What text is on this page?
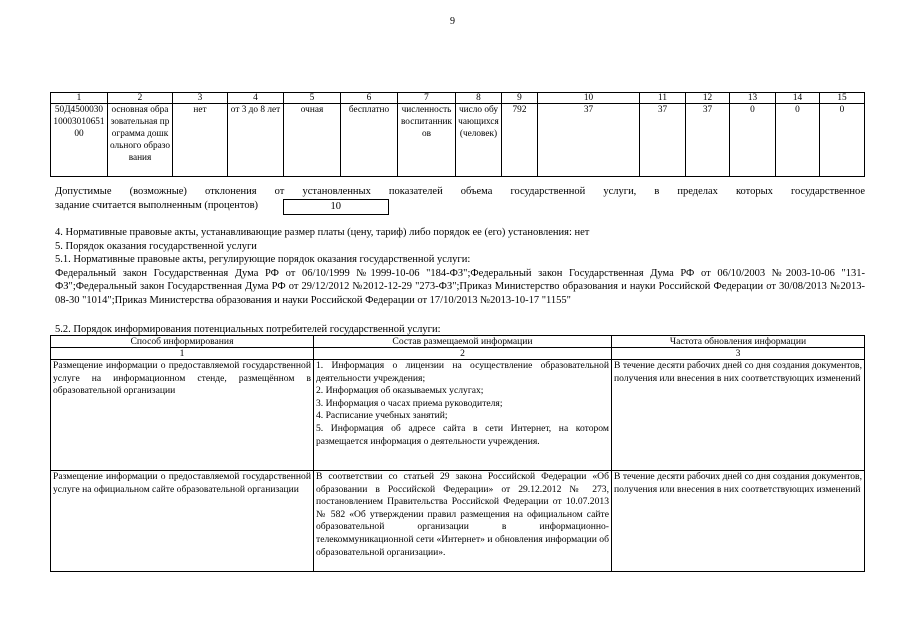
9
1	2	3	4	5	6	7	8	9	10	11	12	13	14	15
50Д45000301000301065100	основная образовательная программа дошкольного образования	нет	от 3 до 8 лет	очная	бесплатно	численность воспитанников	число обучающихся (человек)	792	37	37	37	0	0	0
Допустимые (возможные) отклонения от установленных показателей объема государственной услуги, в пределах которых государственное
задание считается выполненным (процентов)	10

4. Нормативные правовые акты, устанавливающие размер платы (цену, тариф) либо порядок ее (его) установления: нет

5. Порядок оказания государственной услуги

5.1. Нормативные правовые акты, регулирующие порядок оказания государственной услуги:

Федеральный закон Государственная Дума РФ от 06/10/1999 №1999-10-06 "184-ФЗ";Федеральный закон Государственная Дума РФ от 06/10/2003 №2003-10-06 "131-ФЗ";Федеральный закон Государственная Дума РФ от 29/12/2012 №2012-12-29 "273-ФЗ";Приказ Министерство образования и науки Российской Федерации от 30/08/2013 №2013-08-30 "1014";Приказ Министерства образования и науки Российской Федерации от 17/10/2013 №2013-10-17 "1155"

5.2. Порядок информирования потенциальных потребителей государственной услуги:
Способ информирования	Состав размещаемой информации	Частота обновления информации
1	2	3
Размещение информации о предоставляемой государственной услуге на информационном стенде, размещённом в образовательной организации	1. Информация о лицензии на осуществление образовательной деятельности учреждения;
2. Информация об оказываемых услугах;
3. Информация о часах приема руководителя;
4. Расписание учебных занятий;
5. Информация об адресе сайта в сети Интернет, на котором размещается информация о деятельности учреждения.	В течение десяти рабочих дней со дня создания документов, получения или внесения в них соответствующих изменений
Размещение информации о предоставляемой государственной услуге на официальном сайте образовательной организации	В соответствии со статьей 29 закона Российской Федерации «Об образовании в Российской Федерации» от 29.12.2012 № 273, постановлением Правительства Российской Федерации от 10.07.2013 № 582 «Об утверждении правил размещения на официальном сайте образовательной организации в информационно-телекоммуникационной сети «Интернет» и обновления информации об образовательной организации».	В течение десяти рабочих дней со дня создания документов, получения или внесения в них соответствующих изменений
